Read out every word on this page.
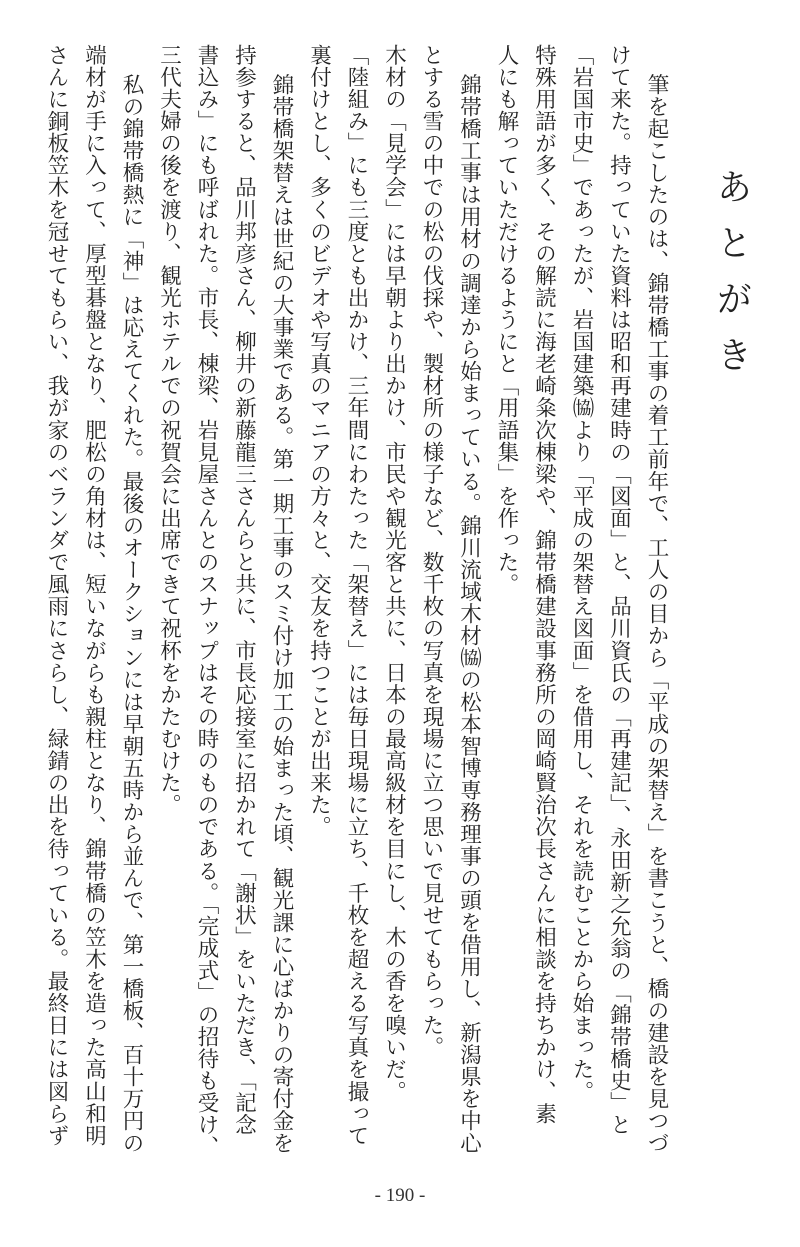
あとがき
筆を起こしたのは、錦帯橋工事の着工前年で、工人の目から「平成の架替え」を書こうと、橋の建設を見つづ
けて来た。持っていた資料は昭和再建時の「図面」と、品川資氏の「再建記」、永田新之允翁の「錦帯橋史」と
「岩国市史」であったが、岩国建築㈿より「平成の架替え図面」を借用し、それを読むことから始まった。
特殊用語が多く、その解読に海老崎粂次棟梁や、錦帯橋建設事務所の岡崎賢治次長さんに相談を持ちかけ、素
人にも解っていただけるようにと「用語集」を作った。
錦帯橋工事は用材の調達から始まっている。錦川流域木材㈿の松本智博専務理事の頭を借用し、新潟県を中心
とする雪の中での松の伐採や、製材所の様子など、数千枚の写真を現場に立つ思いで見せてもらった。
木材の「見学会」には早朝より出かけ、市民や観光客と共に、日本の最高級材を目にし、木の香を嗅いだ。
「陸組み」にも三度とも出かけ、三年間にわたった「架替え」には毎日現場に立ち、千枚を超える写真を撮って
裏付けとし、多くのビデオや写真のマニアの方々と、交友を持つことが出来た。
錦帯橋架替えは世紀の大事業である。第一期工事のスミ付け加工の始まった頃、観光課に心ばかりの寄付金を
持参すると、品川邦彦さん、柳井の新藤龍三さんらと共に、市長応接室に招かれて「謝状」をいただき、「記念
書込み」にも呼ばれた。市長、棟梁、岩見屋さんとのスナップはその時のものである。「完成式」の招待も受け、
三代夫婦の後を渡り、観光ホテルでの祝賀会に出席できて祝杯をかたむけた。
私の錦帯橋熱に「神」は応えてくれた。最後のオークションには早朝五時から並んで、第一橋板、百十万円の
端材が手に入って、厚型碁盤となり、肥松の角材は、短いながらも親柱となり、錦帯橋の笠木を造った高山和明
さんに銅板笠木を冠せてもらい、我が家のベランダで風雨にさらし、緑錆の出を待っている。最終日には図らず
- 190 -
